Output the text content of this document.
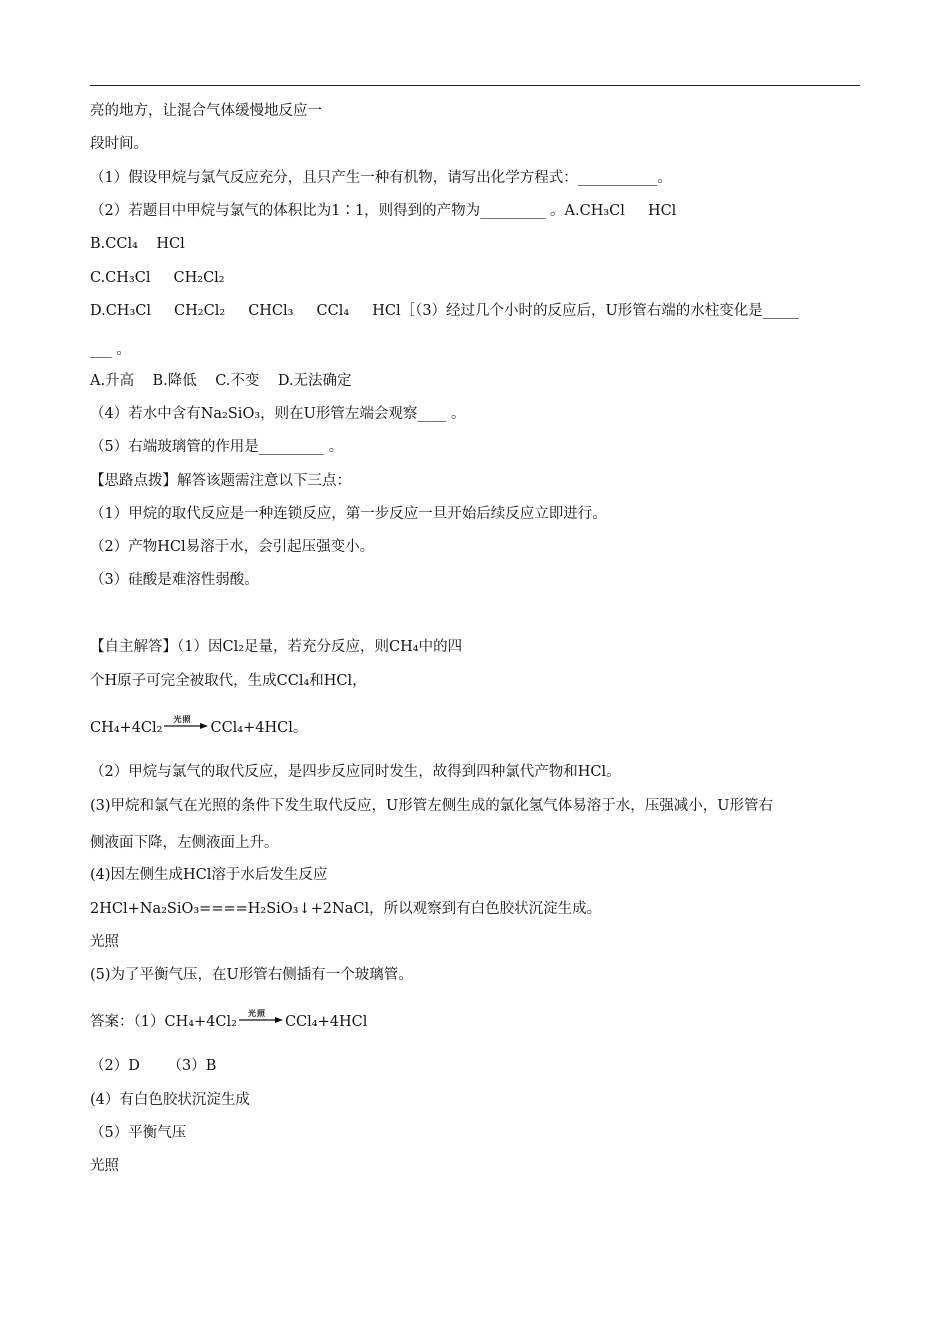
亮的地方，让混合气体缓慢地反应一
段时间。
（1）假设甲烷与氯气反应充分，且只产生一种有机物，请写出化学方程式：___________。
（2）若题目中甲烷与氯气的体积比为1∶1，则得到的产物为_________ 。A.CH₃Cl     HCl
B.CCl₄    HCl
C.CH₃Cl     CH₂Cl₂
D.CH₃Cl     CH₂Cl₂     CHCl₃     CCl₄     HCl［（3）经过几个小时的反应后，U形管右端的水柱变化是_____
___ 。
A.升高    B.降低    C.不变    D.无法确定
（4）若水中含有Na₂SiO₃，则在U形管左端会观察____ 。
（5）右端玻璃管的作用是_________ 。
【思路点拨】解答该题需注意以下三点：
（1）甲烷的取代反应是一种连锁反应，第一步反应一旦开始后续反应立即进行。
（2）产物HCl易溶于水，会引起压强变小。
（3）硅酸是难溶性弱酸。
【自主解答】（1）因Cl₂足量，若充分反应，则CH₄中的四
个H原子可完全被取代，生成CCl₄和HCl，
CH₄+4Cl₂
光照
CCl₄+4HCl。
（2）甲烷与氯气的取代反应，是四步反应同时发生，故得到四种氯代产物和HCl。
(3)甲烷和氯气在光照的条件下发生取代反应，U形管左侧生成的氯化氢气体易溶于水，压强减小，U形管右
侧液面下降，左侧液面上升。
(4)因左侧生成HCl溶于水后发生反应
2HCl+Na₂SiO₃====H₂SiO₃↓+2NaCl，所以观察到有白色胶状沉淀生成。
光照
(5)为了平衡气压，在U形管右侧插有一个玻璃管。
答案：（1）CH₄+4Cl₂
光照
CCl₄+4HCl
（2）D      （3）B
(4）有白色胶状沉淀生成
（5）平衡气压
光照
